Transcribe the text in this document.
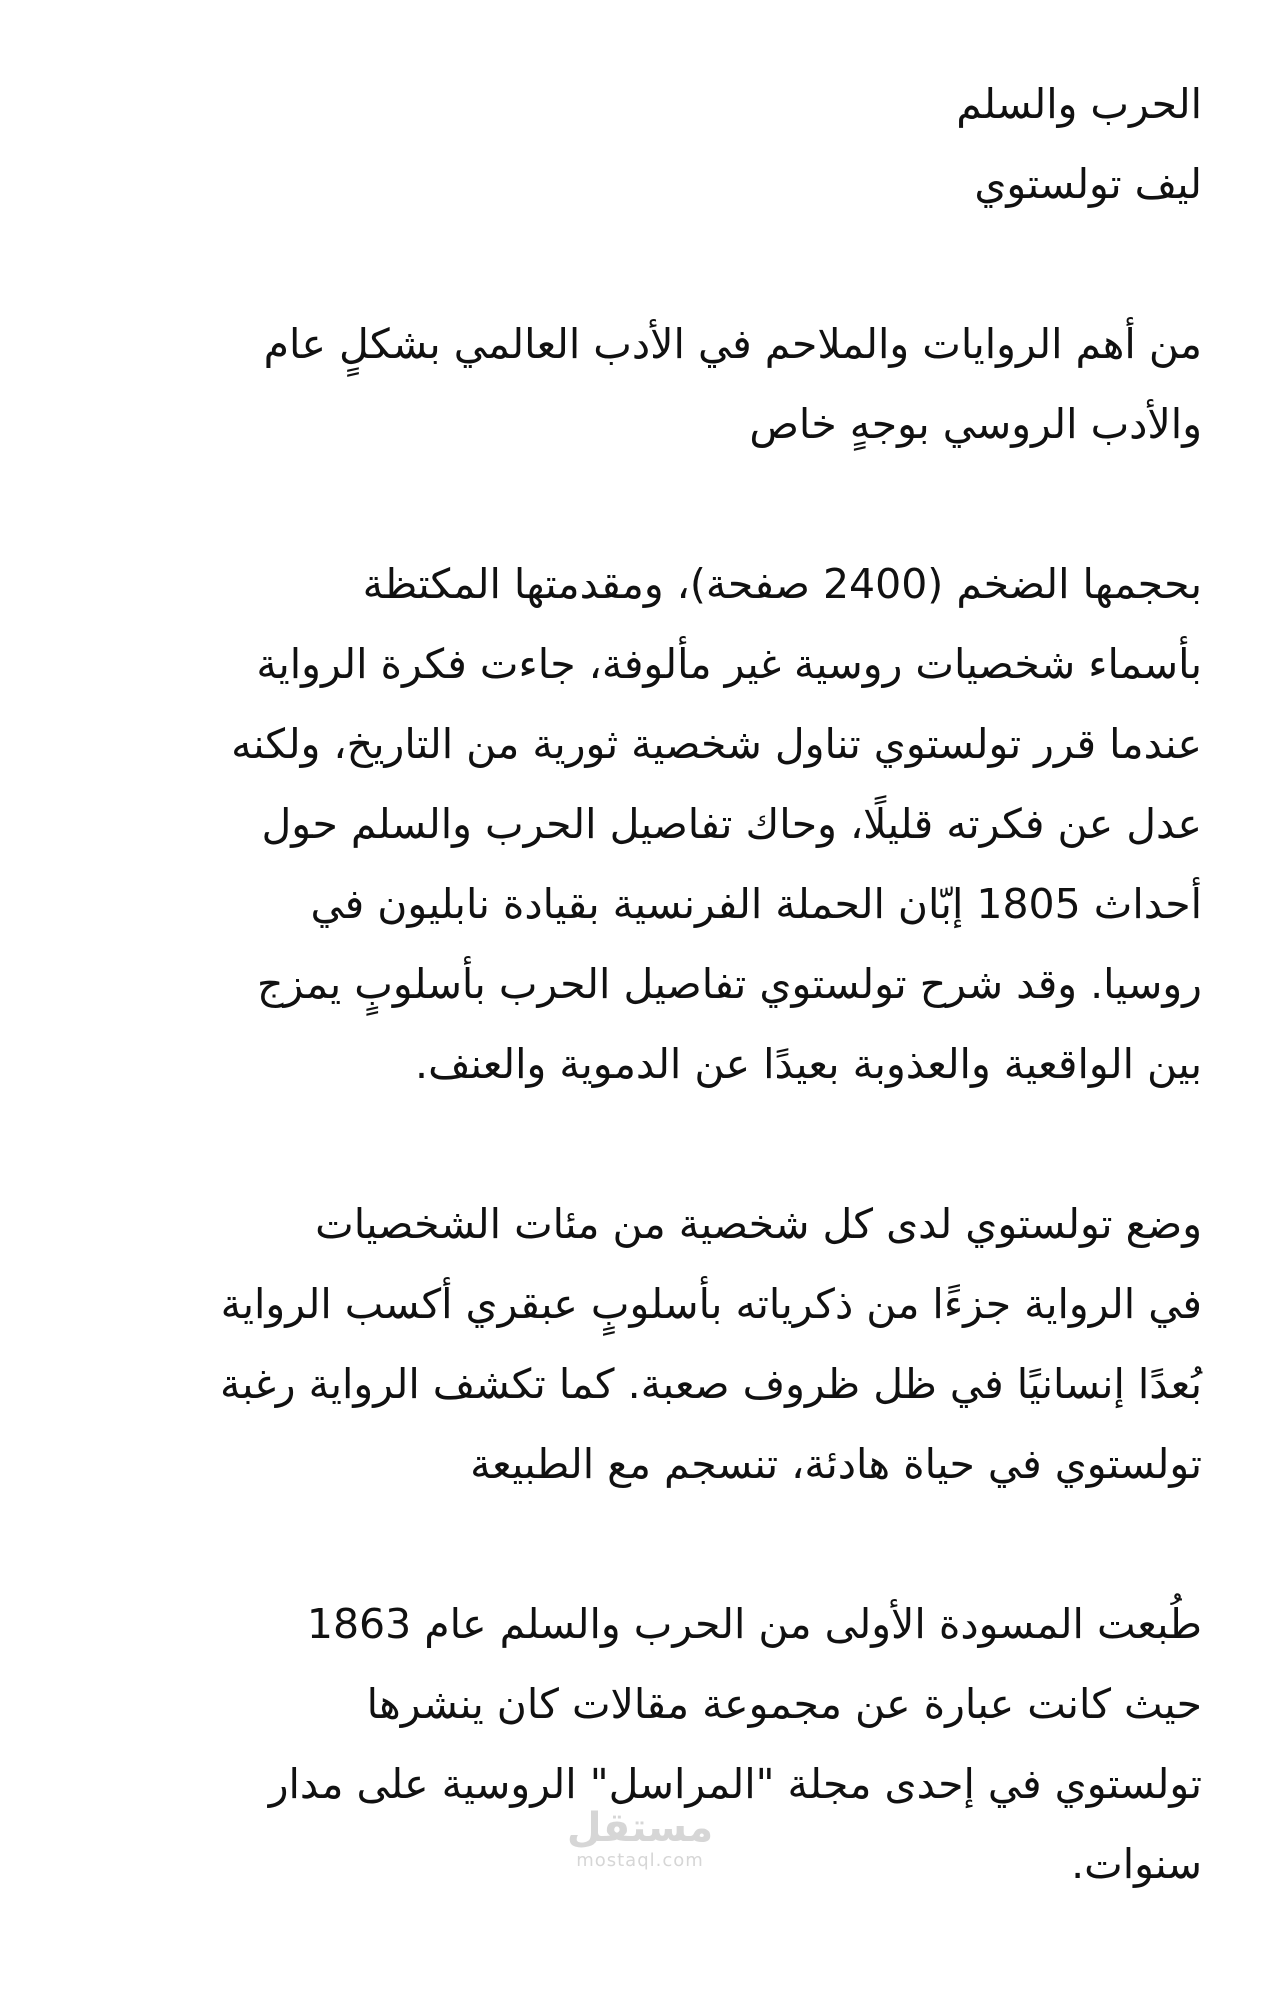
الحرب والسلم
ليف تولستوي
من أهم الروايات والملاحم في الأدب العالمي بشكلٍ عام
والأدب الروسي بوجهٍ خاص
بحجمها الضخم (2400 صفحة)، ومقدمتها المكتظة
بأسماء شخصيات روسية غير مألوفة، جاءت فكرة الرواية
عندما قرر تولستوي تناول شخصية ثورية من التاريخ، ولكنه
عدل عن فكرته قليلًا، وحاك تفاصيل الحرب والسلم حول
أحداث 1805 إبّان الحملة الفرنسية بقيادة نابليون في
روسيا. وقد شرح تولستوي تفاصيل الحرب بأسلوبٍ يمزج
بين الواقعية والعذوبة بعيدًا عن الدموية والعنف.
وضع تولستوي لدى كل شخصية من مئات الشخصيات
في الرواية جزءًا من ذكرياته بأسلوبٍ عبقري أكسب الرواية
بُعدًا إنسانيًا في ظل ظروف صعبة. كما تكشف الرواية رغبة
تولستوي في حياة هادئة، تنسجم مع الطبيعة
طُبعت المسودة الأولى من الحرب والسلم عام 1863
حيث كانت عبارة عن مجموعة مقالات كان ينشرها
تولستوي في إحدى مجلة "المراسل" الروسية على مدار
سنوات.
مستقل
mostaql.com
